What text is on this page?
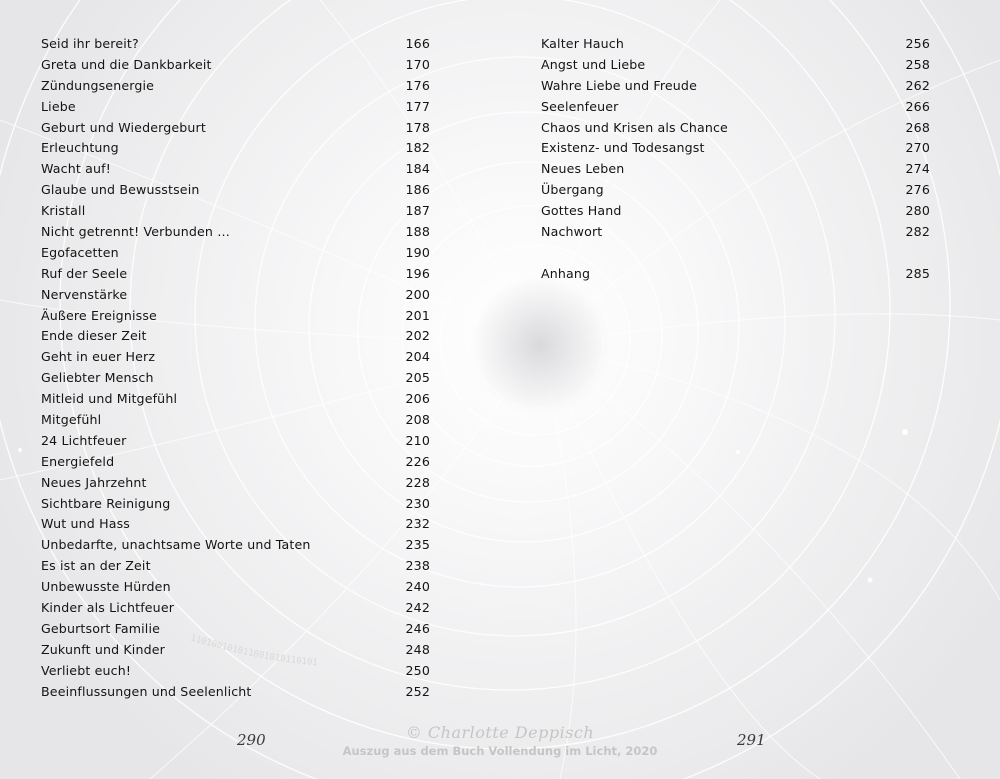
110100101011001010110101
Seid ihr bereit?	166
Greta und die Dankbarkeit	170
Zündungsenergie	176
Liebe	177
Geburt und Wiedergeburt	178
Erleuchtung	182
Wacht auf!	184
Glaube und Bewusstsein	186
Kristall	187
Nicht getrennt! Verbunden …	188
Egofacetten	190
Ruf der Seele	196
Nervenstärke	200
Äußere Ereignisse	201
Ende dieser Zeit	202
Geht in euer Herz	204
Geliebter Mensch	205
Mitleid und Mitgefühl	206
Mitgefühl	208
24 Lichtfeuer	210
Energiefeld	226
Neues Jahrzehnt	228
Sichtbare Reinigung	230
Wut und Hass	232
Unbedarfte, unachtsame Worte und Taten	235
Es ist an der Zeit	238
Unbewusste Hürden	240
Kinder als Lichtfeuer	242
Geburtsort Familie	246
Zukunft und Kinder	248
Verliebt euch!	250
Beeinflussungen und Seelenlicht	252
Kalter Hauch	256
Angst und Liebe	258
Wahre Liebe und Freude	262
Seelenfeuer	266
Chaos und Krisen als Chance	268
Existenz- und Todesangst	270
Neues Leben	274
Übergang	276
Gottes Hand	280
Nachwort	282
Anhang	285
290	291
© Charlotte Deppisch
Auszug aus dem Buch Vollendung im Licht, 2020
